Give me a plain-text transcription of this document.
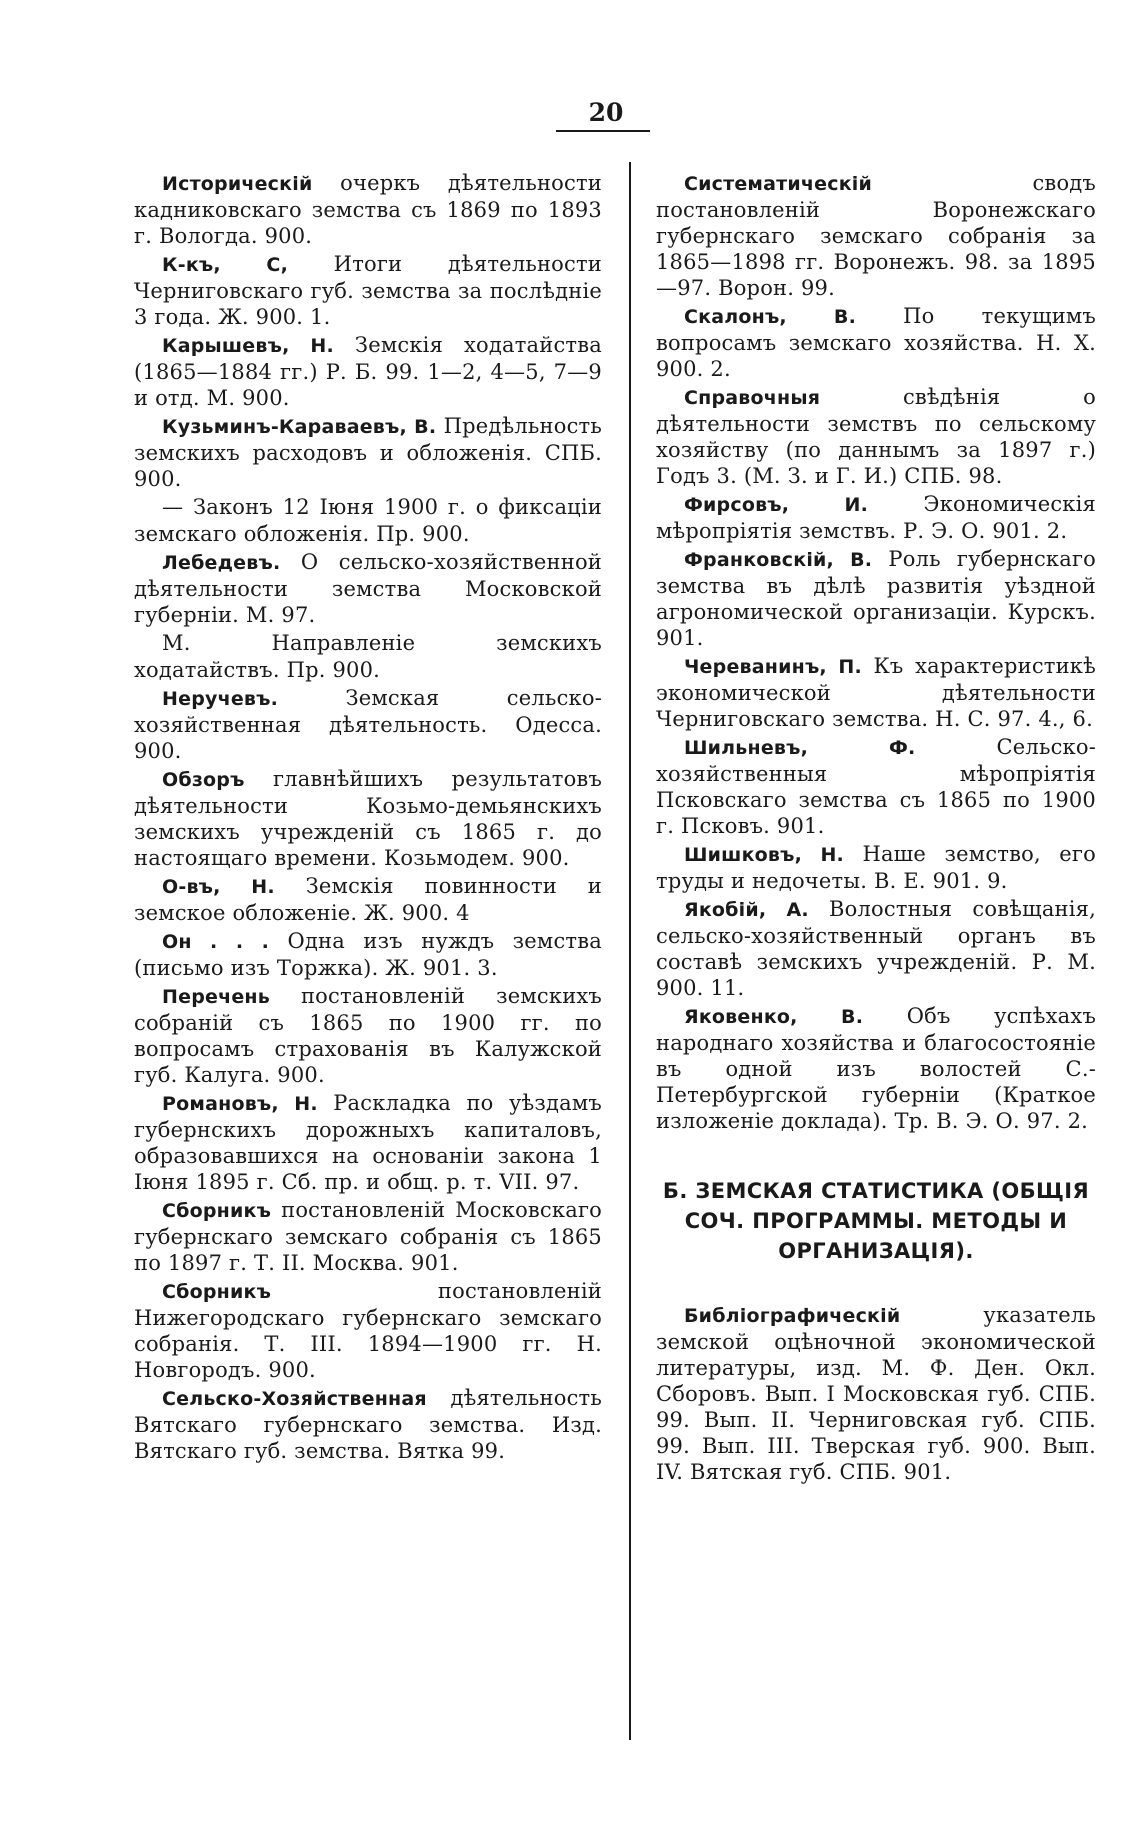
20

Историческiй очеркъ дѣятельности кадниковскаго земства съ 1869 по 1893 г. Вологда. 900.

К-къ, С, Итоги дѣятельности Черниговскаго губ. земства за послѣднiе 3 года. Ж. 900. 1.

Карышевъ, Н. Земскiя ходатайства (1865—1884 гг.) Р. Б. 99. 1—2, 4—5, 7—9 и отд. М. 900.

Кузьминъ-Караваевъ, В. Предѣльность земскихъ расходовъ и обложенiя. СПБ. 900.

— Законъ 12 Iюня 1900 г. о фиксацiи земскаго обложенiя. Пр. 900.

Лебедевъ. О сельско-хозяйственной дѣятельности земства Московской губернiи. М. 97.

М. Направленiе земскихъ ходатайствъ. Пр. 900.

Неручевъ. Земская сельско-хозяйственная дѣятельность. Одесса. 900.

Обзоръ главнѣйшихъ результатовъ дѣятельности Козьмо-демьянскихъ земскихъ учрежденiй съ 1865 г. до настоящаго времени. Козьмодем. 900.

О-въ, Н. Земскiя повинности и земское обложенiе. Ж. 900. 4

Он . . . Одна изъ нуждъ земства (письмо изъ Торжка). Ж. 901. 3.

Перечень постановленiй земскихъ собранiй съ 1865 по 1900 гг. по вопросамъ страхованiя въ Калужской губ. Калуга. 900.

Романовъ, Н. Раскладка по уѣздамъ губернскихъ дорожныхъ капиталовъ, образовавшихся на основанiи закона 1 Iюня 1895 г. Сб. пр. и общ. р. т. VII. 97.

Сборникъ постановленiй Московскаго губернскаго земскаго собранiя съ 1865 по 1897 г. Т. II. Москва. 901.

Сборникъ постановленiй Нижегородскаго губернскаго земскаго собранiя. Т. III. 1894—1900 гг. Н. Новгородъ. 900.

Сельско-Хозяйственная дѣятельность Вятскаго губернскаго земства. Изд. Вятскаго губ. земства. Вятка 99.

Систематическiй сводъ постановленiй Воронежскаго губернскаго земскаго собранiя за 1865—1898 гг. Воронежъ. 98. за 1895—97. Ворон. 99.

Скалонъ, В. По текущимъ вопросамъ земскаго хозяйства. Н. Х. 900. 2.

Справочныя свѣдѣнiя о дѣятельности земствъ по сельскому хозяйству (по даннымъ за 1897 г.) Годъ 3. (М. З. и Г. И.) СПБ. 98.

Фирсовъ, И. Экономическiя мѣропрiятiя земствъ. Р. Э. О. 901. 2.

Франковскiй, В. Роль губернскаго земства въ дѣлѣ развитiя уѣздной агрономической организацiи. Курскъ. 901.

Череванинъ, П. Къ характеристикѣ экономической дѣятельности Черниговскаго земства. Н. С. 97. 4., 6.

Шильневъ, Ф. Сельско-хозяйственныя мѣропрiятiя Псковскаго земства съ 1865 по 1900 г. Псковъ. 901.

Шишковъ, Н. Наше земство, его труды и недочеты. В. Е. 901. 9.

Якобiй, А. Волостныя совѣщанiя, сельско-хозяйственный органъ въ составѣ земскихъ учрежденiй. Р. М. 900. 11.

Яковенко, В. Объ успѣхахъ народнаго хозяйства и благосостоянiе въ одной изъ волостей С.-Петербургской губернiи (Краткое изложенiе доклада). Тр. В. Э. О. 97. 2.

Б. ЗЕМСКАЯ СТАТИСТИКА (ОБЩIЯ СОЧ. ПРОГРАММЫ. МЕТОДЫ И ОРГАНИЗАЦIЯ).

Библiографическiй указатель земской оцѣночной экономической литературы, изд. М. Ф. Ден. Окл. Сборовъ. Вып. I Московская губ. СПБ. 99. Вып. II. Черниговская губ. СПБ. 99. Вып. III. Тверская губ. 900. Вып. IV. Вятская губ. СПБ. 901.
